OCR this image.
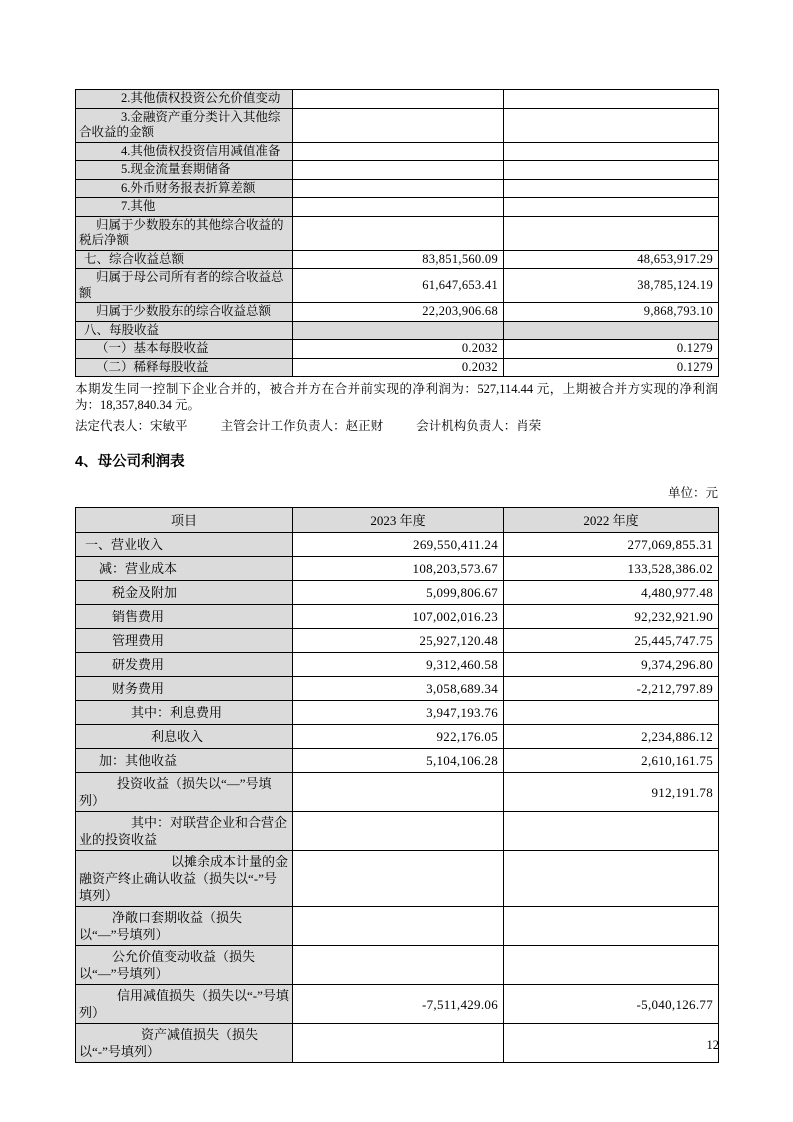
2.其他债权投资公允价值变动		
3.金融资产重分类计入其他综合收益的金额		
4.其他债权投资信用减值准备		
5.现金流量套期储备		
6.外币财务报表折算差额		
7.其他		
归属于少数股东的其他综合收益的税后净额		
七、综合收益总额	83,851,560.09	48,653,917.29
归属于母公司所有者的综合收益总额	61,647,653.41	38,785,124.19
归属于少数股东的综合收益总额	22,203,906.68	9,868,793.10
八、每股收益		
（一）基本每股收益	0.2032	0.1279
（二）稀释每股收益	0.2032	0.1279

本期发生同一控制下企业合并的，被合并方在合并前实现的净利润为：527,114.44 元，上期被合并方实现的净利润为：18,357,840.34 元。

法定代表人：宋敏平	主管会计工作负责人：赵正财	会计机构负责人：肖荣

4、母公司利润表
单位：元
项目	2023 年度	2022 年度
一、营业收入	269,550,411.24	277,069,855.31
减：营业成本	108,203,573.67	133,528,386.02
税金及附加	5,099,806.67	4,480,977.48
销售费用	107,002,016.23	92,232,921.90
管理费用	25,927,120.48	25,445,747.75
研发费用	9,312,460.58	9,374,296.80
财务费用	3,058,689.34	-2,212,797.89
其中：利息费用	3,947,193.76	
利息收入	922,176.05	2,234,886.12
加：其他收益	5,104,106.28	2,610,161.75
投资收益（损失以“—”号填列）		912,191.78
其中：对联营企业和合营企业的投资收益		
以摊余成本计量的金融资产终止确认收益（损失以“-”号填列）		
净敞口套期收益（损失以“—”号填列）		
公允价值变动收益（损失以“—”号填列）		
信用减值损失（损失以“-”号填列）	-7,511,429.06	-5,040,126.77
资产减值损失（损失以“-”号填列）			12
